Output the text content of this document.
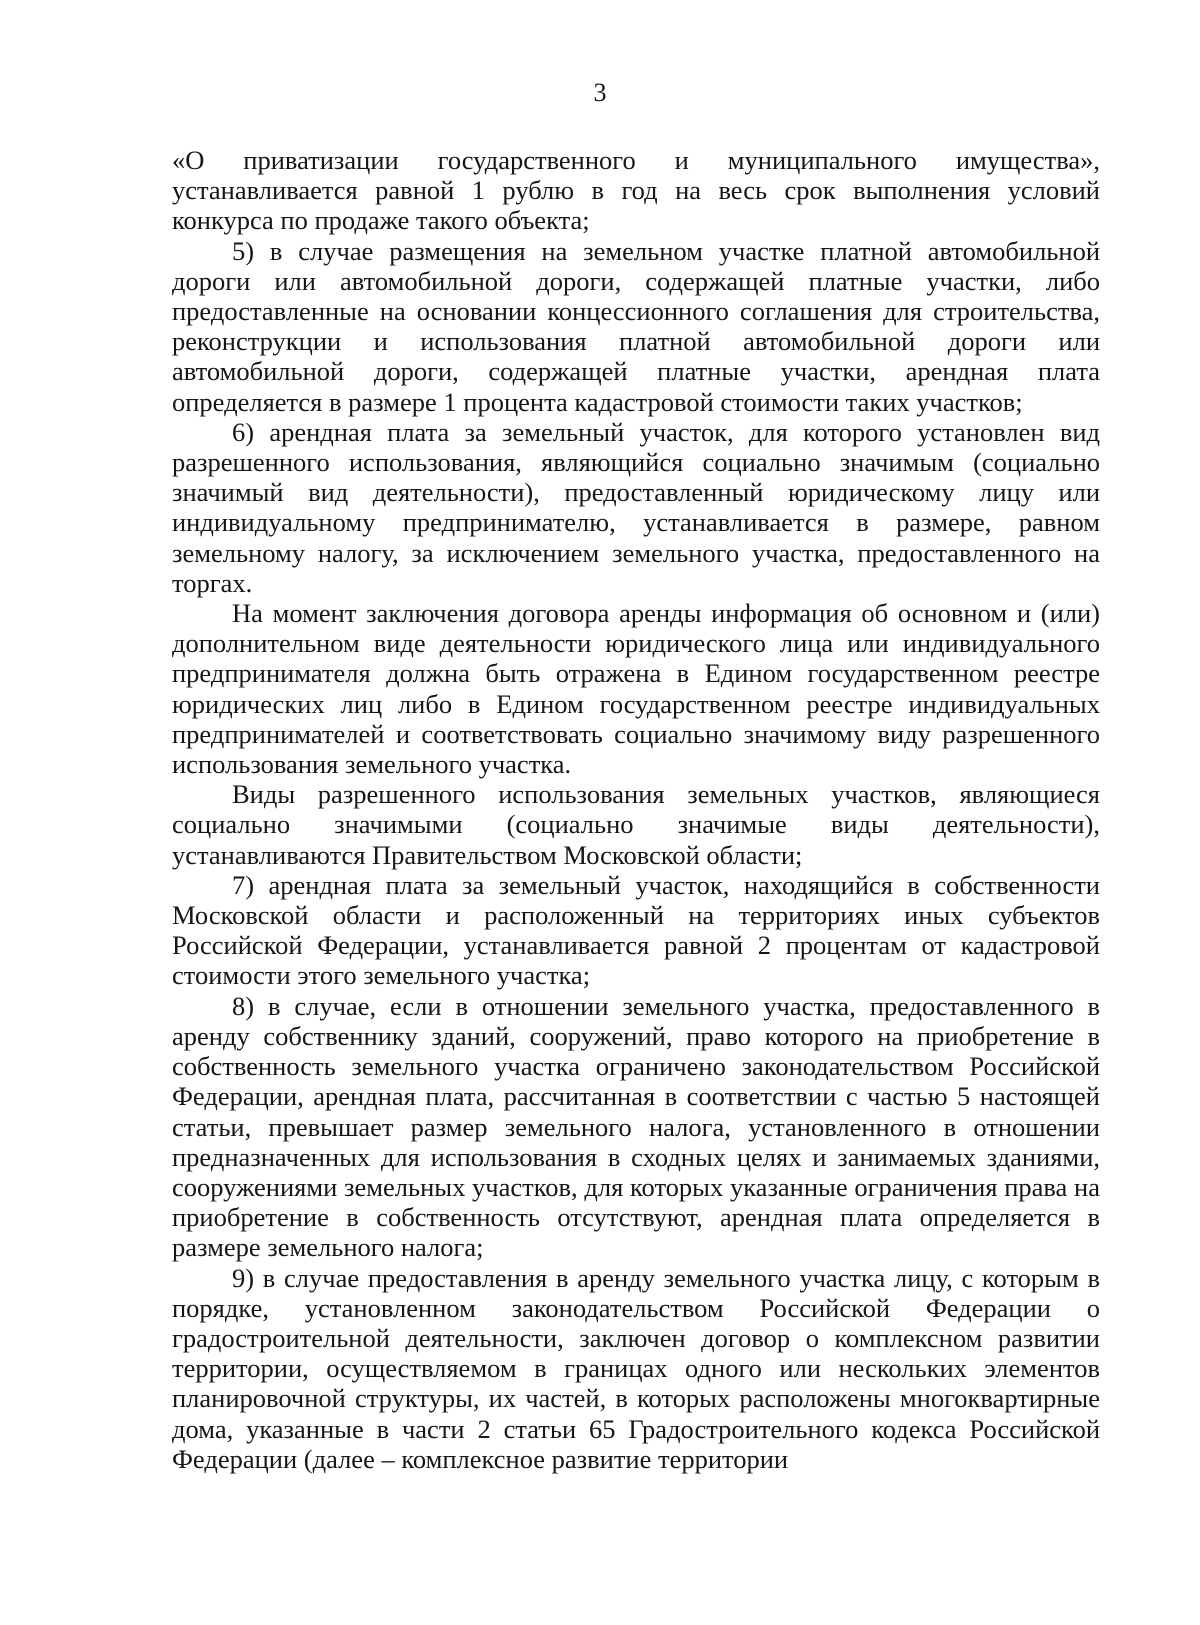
3

«О приватизации государственного и муниципального имущества», устанавливается равной 1 рублю в год на весь срок выполнения условий конкурса по продаже такого объекта;

5) в случае размещения на земельном участке платной автомобильной дороги или автомобильной дороги, содержащей платные участки, либо предоставленные на основании концессионного соглашения для строительства, реконструкции и использования платной автомобильной дороги или автомобильной дороги, содержащей платные участки, арендная плата определяется в размере 1 процента кадастровой стоимости таких участков;

6) арендная плата за земельный участок, для которого установлен вид разрешенного использования, являющийся социально значимым (социально значимый вид деятельности), предоставленный юридическому лицу или индивидуальному предпринимателю, устанавливается в размере, равном земельному налогу, за исключением земельного участка, предоставленного на торгах.

На момент заключения договора аренды информация об основном и (или) дополнительном виде деятельности юридического лица или индивидуального предпринимателя должна быть отражена в Едином государственном реестре юридических лиц либо в Едином государственном реестре индивидуальных предпринимателей и соответствовать социально значимому виду разрешенного использования земельного участка.

Виды разрешенного использования земельных участков, являющиеся социально значимыми (социально значимые виды деятельности), устанавливаются Правительством Московской области;

7) арендная плата за земельный участок, находящийся в собственности Московской области и расположенный на территориях иных субъектов Российской Федерации, устанавливается равной 2 процентам от кадастровой стоимости этого земельного участка;

8) в случае, если в отношении земельного участка, предоставленного в аренду собственнику зданий, сооружений, право которого на приобретение в собственность земельного участка ограничено законодательством Российской Федерации, арендная плата, рассчитанная в соответствии с частью 5 настоящей статьи, превышает размер земельного налога, установленного в отношении предназначенных для использования в сходных целях и занимаемых зданиями, сооружениями земельных участков, для которых указанные ограничения права на приобретение в собственность отсутствуют, арендная плата определяется в размере земельного налога;

9) в случае предоставления в аренду земельного участка лицу, с которым в порядке, установленном законодательством Российской Федерации о градостроительной деятельности, заключен договор о комплексном развитии территории, осуществляемом в границах одного или нескольких элементов планировочной структуры, их частей, в которых расположены многоквартирные дома, указанные в части 2 статьи 65 Градостроительного кодекса Российской Федерации (далее – комплексное развитие территории
